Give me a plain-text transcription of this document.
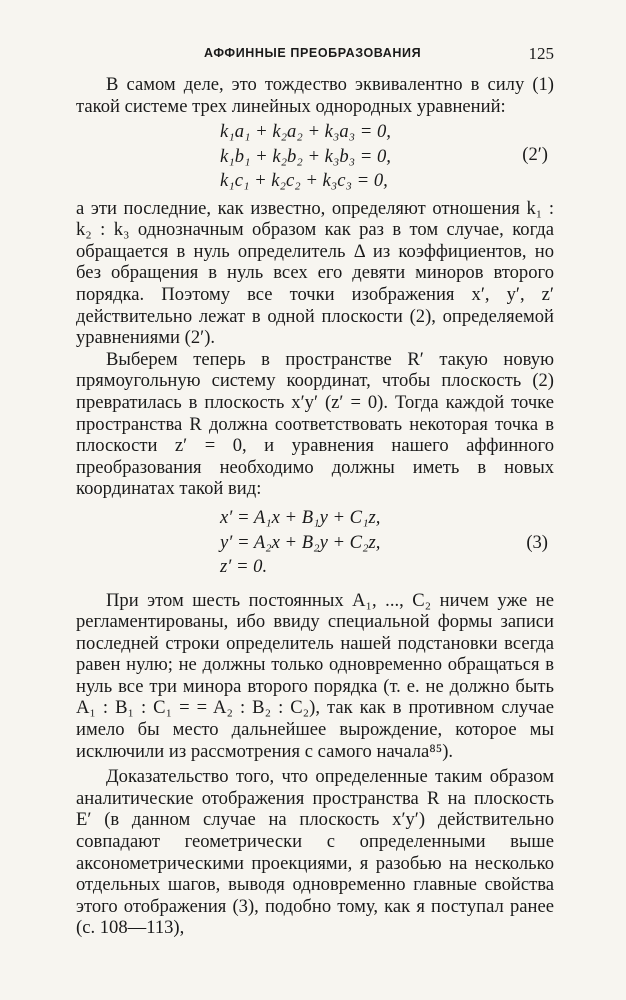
АФФИННЫЕ ПРЕОБРАЗОВАНИЯ	125

В самом деле, это тождество эквивалентно в силу (1) такой системе трех линейных однородных уравнений:

k₁a₁ + k₂a₂ + k₃a₃ = 0,
k₁b₁ + k₂b₂ + k₃b₃ = 0,
k₁c₁ + k₂c₂ + k₃c₃ = 0,
(2′)

а эти последние, как известно, определяют отношения k₁ : k₂ : k₃ однозначным образом как раз в том случае, когда обращается в нуль определитель Δ из коэффициентов, но без обращения в нуль всех его девяти миноров второго порядка. Поэтому все точки изображения x′, y′, z′ действительно лежат в одной плоскости (2), определяемой уравнениями (2′).

Выберем теперь в пространстве R′ такую новую прямоугольную систему координат, чтобы плоскость (2) превратилась в плоскость x′y′ (z′ = 0). Тогда каждой точке пространства R должна соответствовать некоторая точка в плоскости z′ = 0, и уравнения нашего аффинного преобразования необходимо должны иметь в новых координатах такой вид:

x′ = A₁x + B₁y + C₁z,
y′ = A₂x + B₂y + C₂z,
z′ = 0.
(3)

При этом шесть постоянных A₁, ..., C₂ ничем уже не регламентированы, ибо ввиду специальной формы записи последней строки определитель нашей подстановки всегда равен нулю; не должны только одновременно обращаться в нуль все три минора второго порядка (т. е. не должно быть A₁ : B₁ : C₁ = = A₂ : B₂ : C₂), так как в противном случае имело бы место дальнейшее вырождение, которое мы исключили из рассмотрения с самого начала⁸⁵).

Доказательство того, что определенные таким образом аналитические отображения пространства R на плоскость E′ (в данном случае на плоскость x′y′) действительно совпадают геометрически с определенными выше аксонометрическими проекциями, я разобью на несколько отдельных шагов, выводя одновременно главные свойства этого отображения (3), подобно тому, как я поступал ранее (с. 108—113),
